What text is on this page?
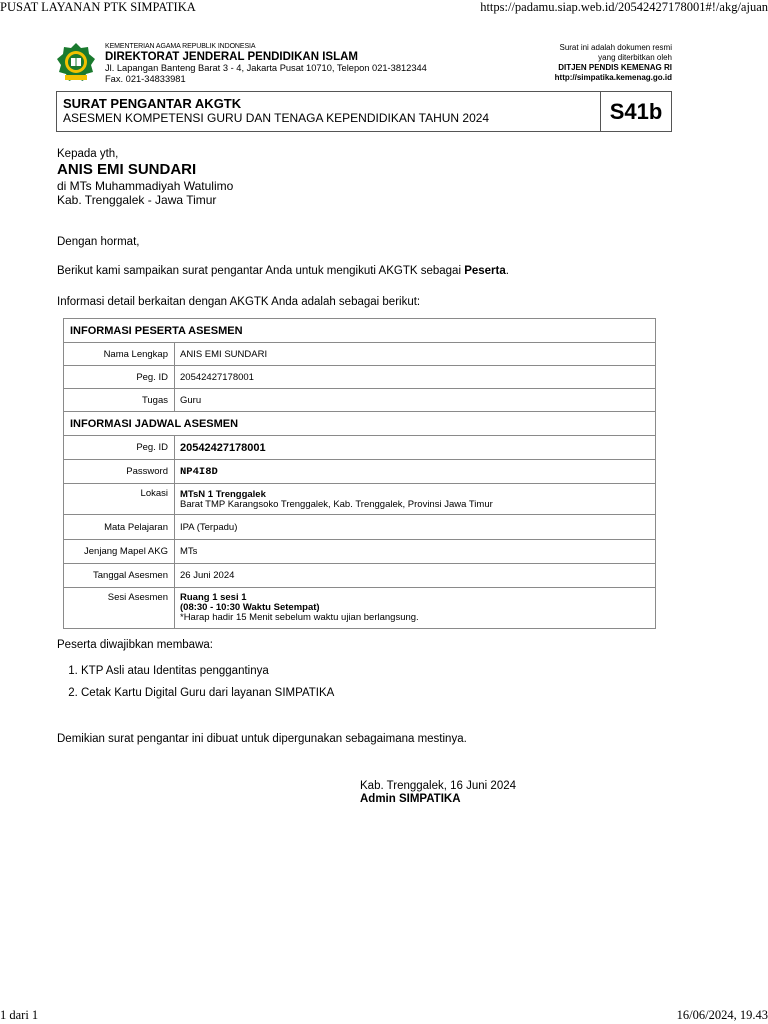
PUSAT LAYANAN PTK SIMPATIKA	https://padamu.siap.web.id/20542427178001#!/akg/ajuan
KEMENTERIAN AGAMA REPUBLIK INDONESIA
DIREKTORAT JENDERAL PENDIDIKAN ISLAM
Jl. Lapangan Banteng Barat 3 - 4, Jakarta Pusat 10710, Telepon 021-3812344
Fax. 021-34833981
Surat ini adalah dokumen resmi
yang diterbitkan oleh
DITJEN PENDIS KEMENAG RI
http://simpatika.kemenag.go.id
SURAT PENGANTAR AKGTK
ASESMEN KOMPETENSI GURU DAN TENAGA KEPENDIDIKAN TAHUN 2024	S41b
Kepada yth,
ANIS EMI SUNDARI
di MTs Muhammadiyah Watulimo
Kab. Trenggalek - Jawa Timur
Dengan hormat,
Berikut kami sampaikan surat pengantar Anda untuk mengikuti AKGTK sebagai Peserta.
Informasi detail berkaitan dengan AKGTK Anda adalah sebagai berikut:
INFORMASI PESERTA ASESMEN	
Nama Lengkap	ANIS EMI SUNDARI
Peg. ID	20542427178001
Tugas	Guru
INFORMASI JADWAL ASESMEN	
Peg. ID	20542427178001
Password	NP4I8D
Lokasi	MTsN 1 Trenggalek
Barat TMP Karangsoko Trenggalek, Kab. Trenggalek, Provinsi Jawa Timur

Mata Pelajaran	IPA (Terpadu)
Jenjang Mapel AKG	MTs
Tanggal Asesmen	26 Juni 2024
Sesi Asesmen	Ruang 1 sesi 1
(08:30 - 10:30 Waktu Setempat)
*Harap hadir 15 Menit sebelum waktu ujian berlangsung.
Peserta diwajibkan membawa:
1. KTP Asli atau Identitas penggantinya
2. Cetak Kartu Digital Guru dari layanan SIMPATIKA
Demikian surat pengantar ini dibuat untuk dipergunakan sebagaimana mestinya.
Kab. Trenggalek, 16 Juni 2024
Admin SIMPATIKA
1 dari 1	16/06/2024, 19.43
